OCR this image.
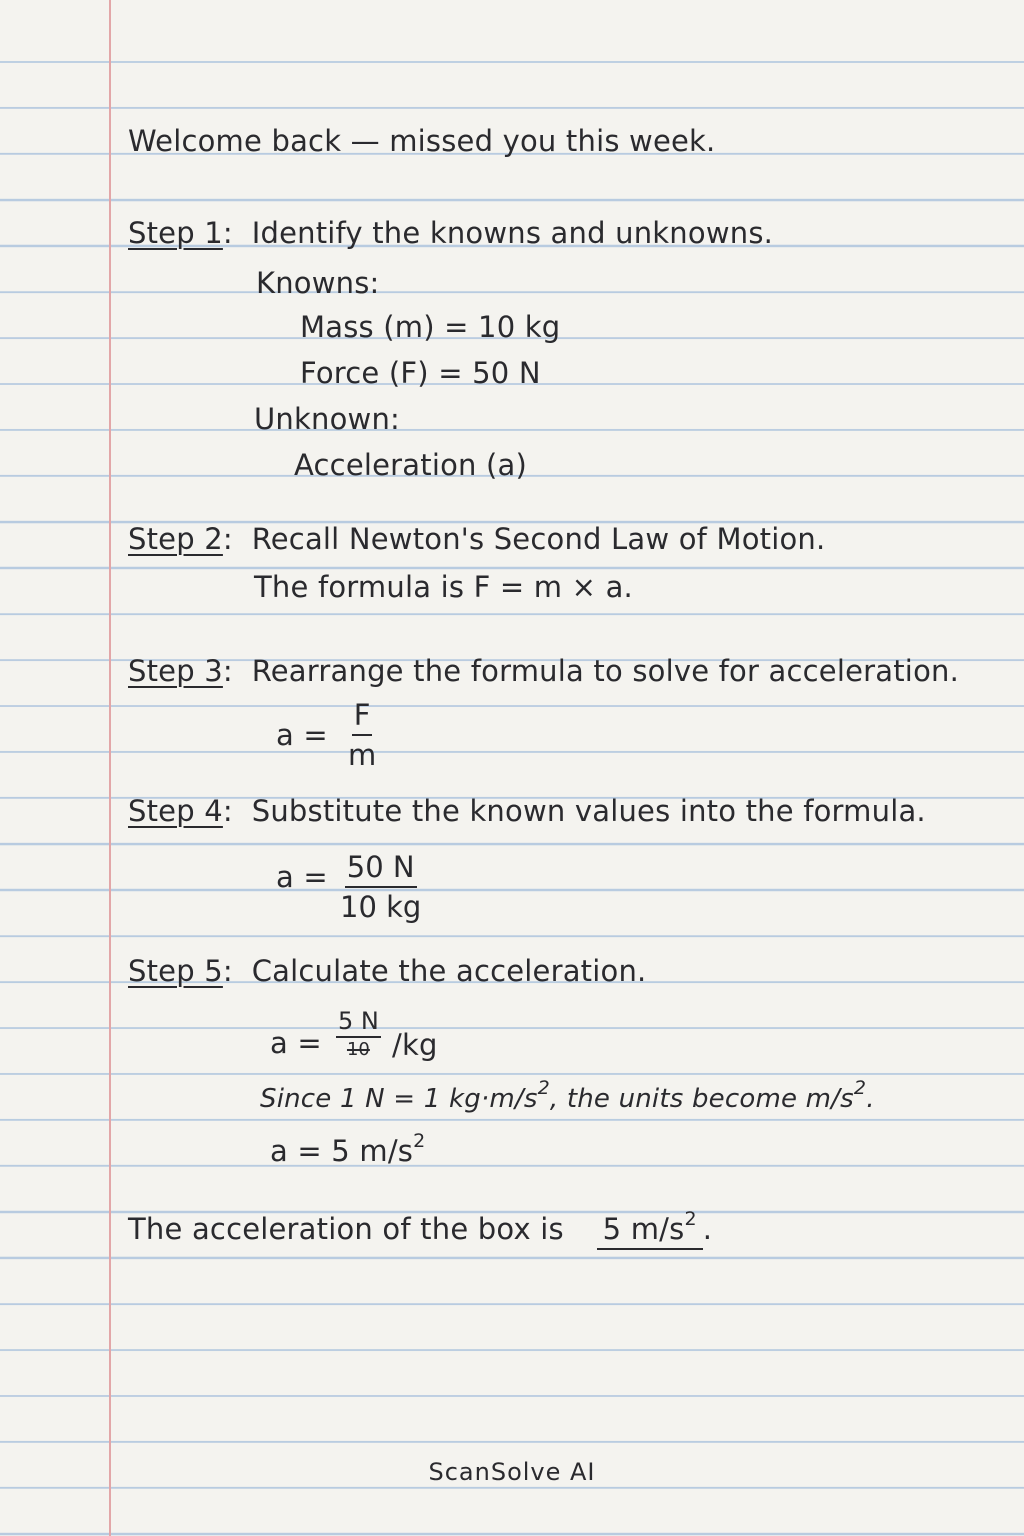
Welcome back — missed you this week.
Step 1:  Identify the knowns and unknowns.
Knowns:
Mass (m) = 10 kg
Force (F) = 50 N
Unknown:
Acceleration (a)
Step 2:  Recall Newton's Second Law of Motion.
The formula is F = m × a.
Step 3:  Rearrange the formula to solve for acceleration.
$a = \frac{F}{m}$
Step 4:  Substitute the known values into the formula.
$a = \frac{50 N}{10 kg}$
Step 5:  Calculate the acceleration.
a =
5 N
10 /kg
Since 1 N = 1 $kg\cdot m/s^2$, the units become $m/s^2$.
a = 5 $m/s^2$
The acceleration of the box is 5 $m/s^2$ .
ScanSolve AI
